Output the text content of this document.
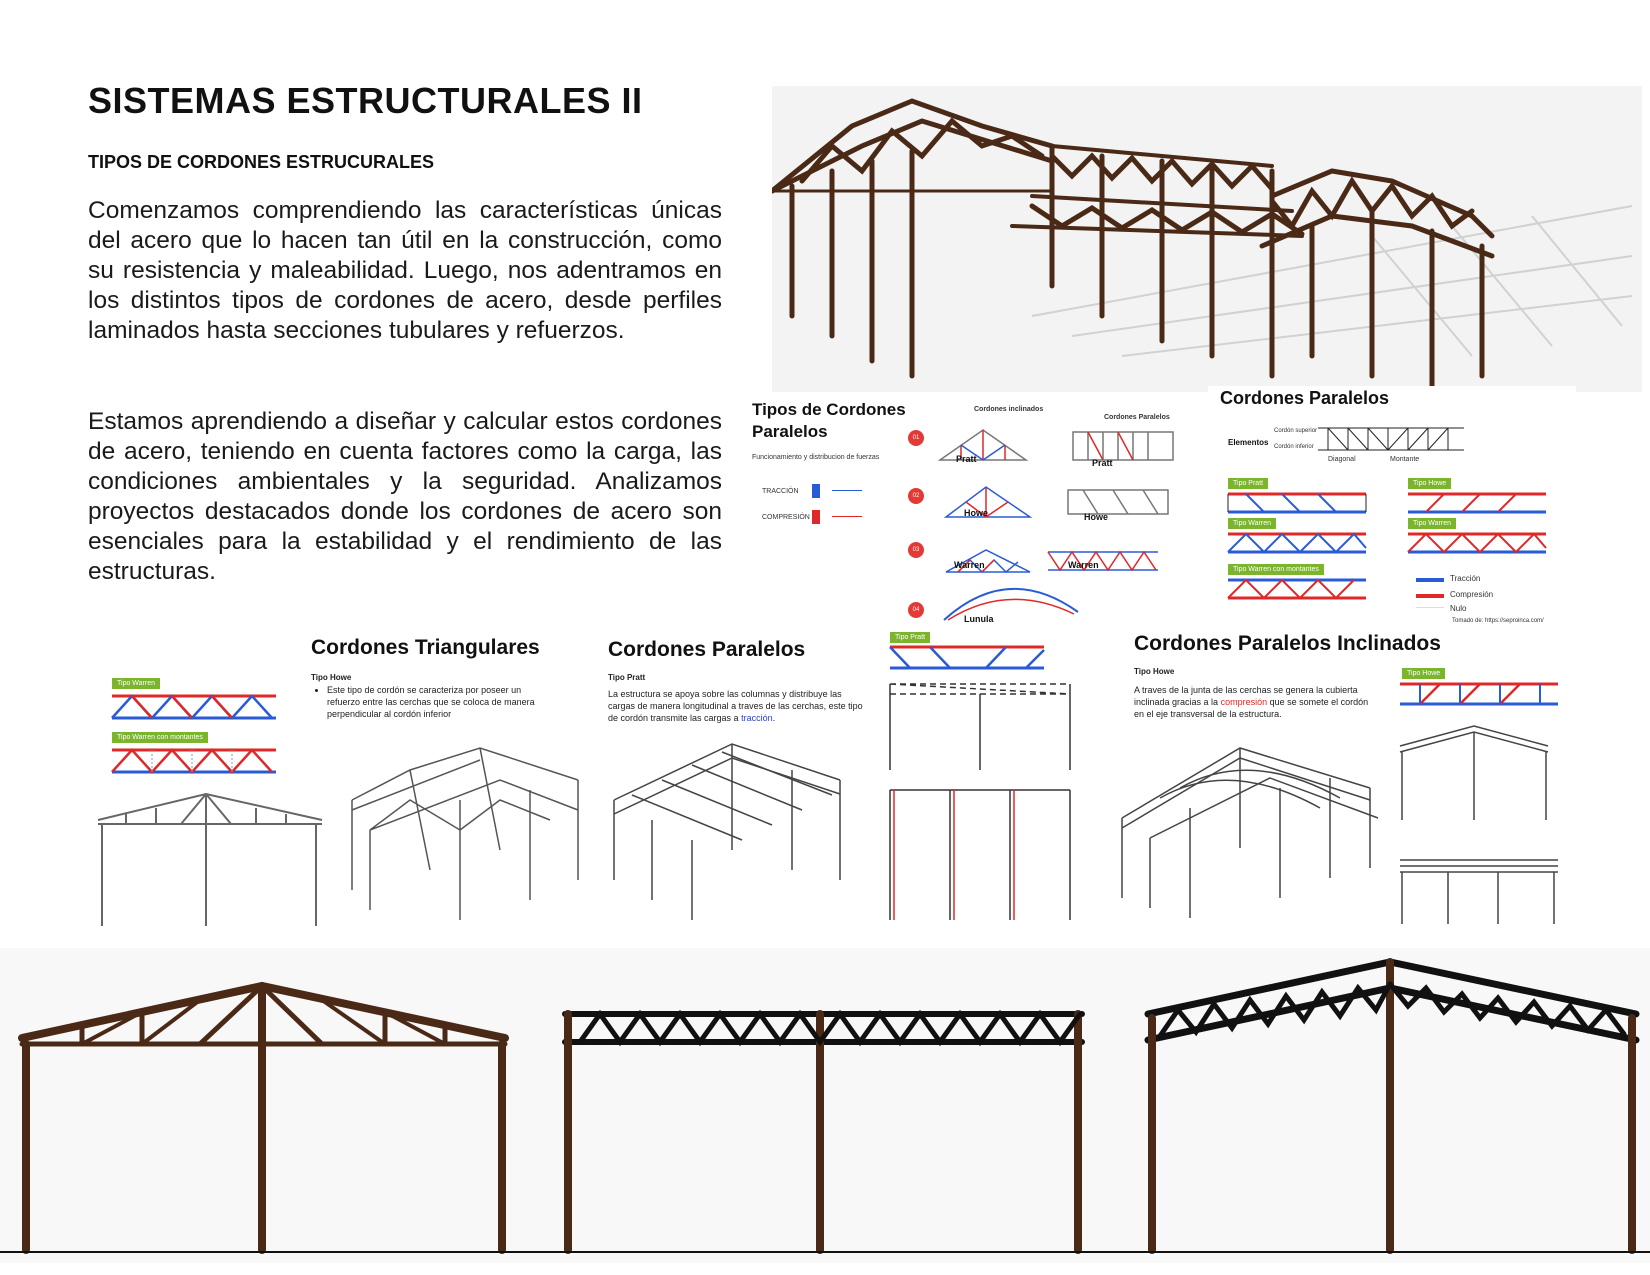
SISTEMAS ESTRUCTURALES II
TIPOS DE CORDONES ESTRUCURALES

Comenzamos comprendiendo las características únicas del acero que lo hacen tan útil en la construcción, como su resistencia y maleabilidad. Luego, nos adentramos en los distintos tipos de cordones de acero, desde perfiles laminados hasta secciones tubulares y refuerzos.

Estamos aprendiendo a diseñar y calcular estos cordones de acero, teniendo en cuenta factores como la carga, las condiciones ambientales y la seguridad. Analizamos proyectos destacados donde los cordones de acero son esenciales para la estabilidad y el rendimiento de las estructuras.

Tipos de Cordones

Paralelos

Funcionamiento y distribucion de fuerzas

TRACCIÓN

COMPRESIÓN

Cordones inclinados

Cordones Paralelos

01
02
03
04

Pratt	Pratt

Howe	Howe

Warren	Warren

Lunula

Cordones Paralelos

Elementos

Cordón superior

Cordón inferior

Diagonal	Montante

Tipo Pratt	Tipo Howe
Tipo Warren	Tipo Warren
Tipo Warren con montantes

Tracción

Compresión

Nulo

Tomado de: https://seproinca.com/

Tipo Warren
Tipo Warren con montantes

Cordones Triangulares

Tipo Howe

• Este tipo de cordón se caracteriza por poseer un refuerzo entre las cerchas que se coloca de manera perpendicular al cordón inferior

Cordones Paralelos

Tipo Pratt

La estructura se apoya sobre las columnas y distribuye las cargas de manera longitudinal a traves de las cerchas, este tipo de cordón transmite las cargas a tracción.

Tipo Pratt	Cordones Paralelos Inclinados

Tipo Howe

A traves de la junta de las cerchas se genera la cubierta inclinada gracias a la compresión que se somete el cordón en el eje transversal de la estructura.

Tipo Howe
